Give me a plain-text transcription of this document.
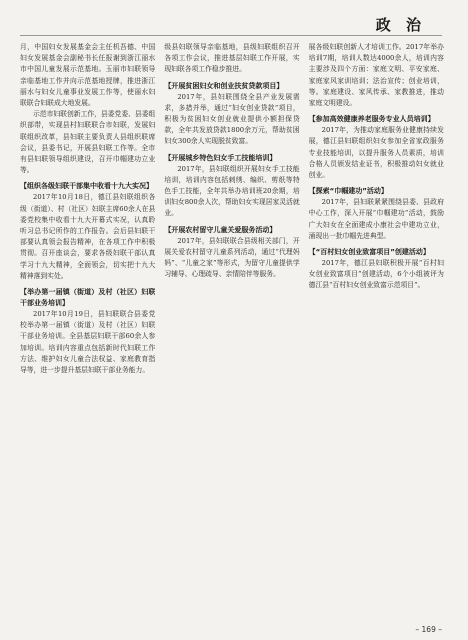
政 治

月，中国妇女发展基金会主任机吾德、中国妇女发展基金会副秘书长任报谢到浙江丽水市中国儿童发展示范基地。玉丽市妇联领导亲临基地工作并向示范基地授牌，推进浙江丽水与妇女儿童事业发展工作等，使丽水妇联联合妇联成大地发展。

示范市妇联创新工作，县委党委、县委组织部带，实现县村妇联联合市妇联，发展妇联组织改革，县妇联主要负责人县组织联席会议，县委书记，开展县妇联工作等。全市有县妇联领导组织建设，召开巾帼建功立业等。

【组织各级妇联干部集中收看十九大实况】

2017年10月18日，德江县妇联组织各级（街道）、村（社区）妇联主席60余人在县委党校集中收看十九大开幕式实况，认真聆听习总书记所作的工作报告。会后县妇联干部要认真领会报告精神，在各项工作中积极贯彻。召开座谈会，要求各级妇联干部认真学习十九大精神，全面领会，切实把十九大精神落到实处。

【举办第一届镇（街道）及村（社区）妇联干部业务培训】

2017年10月19日，县妇联联合县委党校举办第一届镇（街道）及村（社区）妇联干部业务培训。全县基层妇联干部60余人参加培训。培训内容重点包括新时代妇联工作方法、维护妇女儿童合法权益、家庭教育指导等，进一步提升基层妇联干部业务能力。

级县妇联领导亲临基地，县级妇联组织召开各项工作会议，推进基层妇联工作开展，实现妇联各项工作稳步推进。

【开展贫困妇女和创业扶贫贷款项目】

2017年，县妇联围绕全县产业发展需求，多措并举，通过“妇女创业贷款”项目，积极为贫困妇女创业就业提供小额担保贷款，全年共发放贷款1800余万元，帮助贫困妇女300余人实现脱贫致富。

【开展城乡特色妇女手工技能培训】

2017年，县妇联组织开展妇女手工技能培训，培训内容包括刺绣、编织、剪纸等特色手工技能，全年共举办培训班20余期，培训妇女800余人次，帮助妇女实现居家灵活就业。

【开展农村留守儿童关爱服务活动】

2017年，县妇联联合县级相关部门，开展关爱农村留守儿童系列活动，通过“代理妈妈”、“儿童之家”等形式，为留守儿童提供学习辅导、心理疏导、亲情陪伴等服务。

展各级妇联创新人才培训工作。2017年举办培训7期，培训人数达4000余人，培训内容主要涉及四个方面：家庭文明、平安家庭、家庭家风家训培训；法治宣传；创业培训，等。家庭建设、家风传承、家教推进，推动家庭文明建设。

【参加高效健康养老服务专业人员培训】

2017年，为推动家庭服务业健康持续发展，德江县妇联组织妇女参加全省家政服务专业技能培训，以提升服务人员素质，培训合格人员颁发结业证书，积极推动妇女就业创业。

【探索“巾帼建功”活动】

2017年，县妇联紧紧围绕县委、县政府中心工作，深入开展“巾帼建功”活动，鼓励广大妇女在全面建成小康社会中建功立业，涌现出一批巾帼先进典型。

【“百村妇女创业致富项目”创建活动】

2017年，德江县妇联积极开展“百村妇女创业致富项目”创建活动，6个小组被评为德江县“百村妇女创业致富示范项目”。

– 169 –
